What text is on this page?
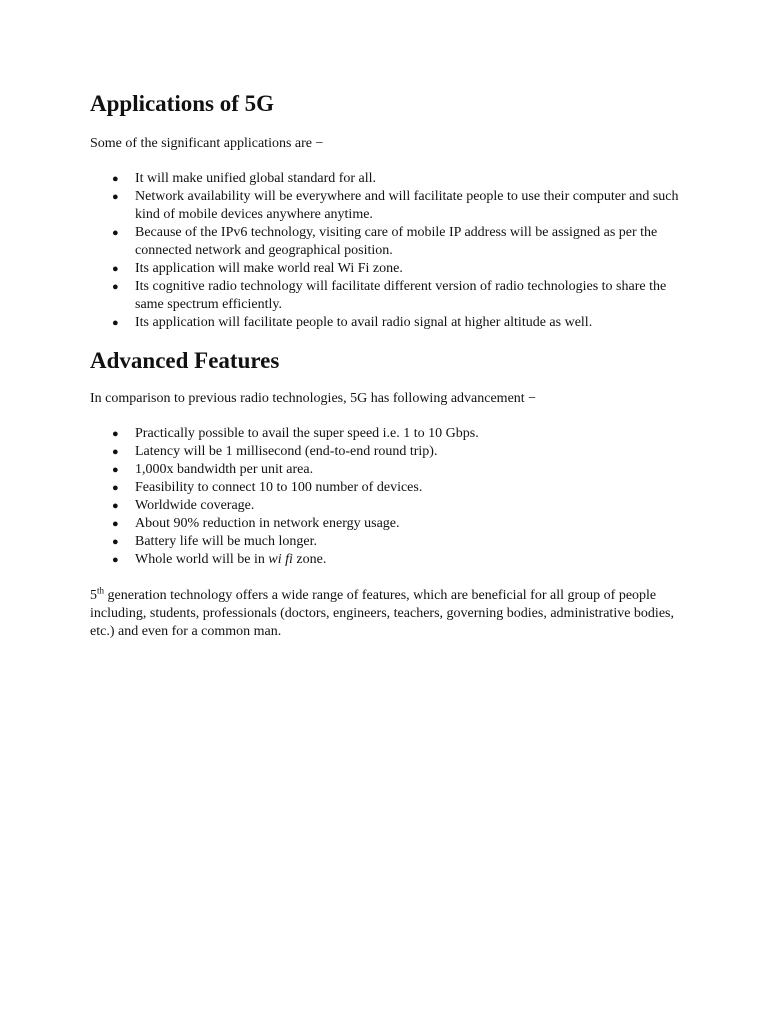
Applications of 5G

Some of the significant applications are −

● It will make unified global standard for all.
● Network availability will be everywhere and will facilitate people to use their computer and such kind of mobile devices anywhere anytime.
● Because of the IPv6 technology, visiting care of mobile IP address will be assigned as per the connected network and geographical position.
● Its application will make world real Wi Fi zone.
● Its cognitive radio technology will facilitate different version of radio technologies to share the same spectrum efficiently.
● Its application will facilitate people to avail radio signal at higher altitude as well.
Advanced Features

In comparison to previous radio technologies, 5G has following advancement −

● Practically possible to avail the super speed i.e. 1 to 10 Gbps.
● Latency will be 1 millisecond (end-to-end round trip).
● 1,000x bandwidth per unit area.
● Feasibility to connect 10 to 100 number of devices.
● Worldwide coverage.
● About 90% reduction in network energy usage.
● Battery life will be much longer.
● Whole world will be in wi fi zone.

5th generation technology offers a wide range of features, which are beneficial for all group of people including, students, professionals (doctors, engineers, teachers, governing bodies, administrative bodies, etc.) and even for a common man.
